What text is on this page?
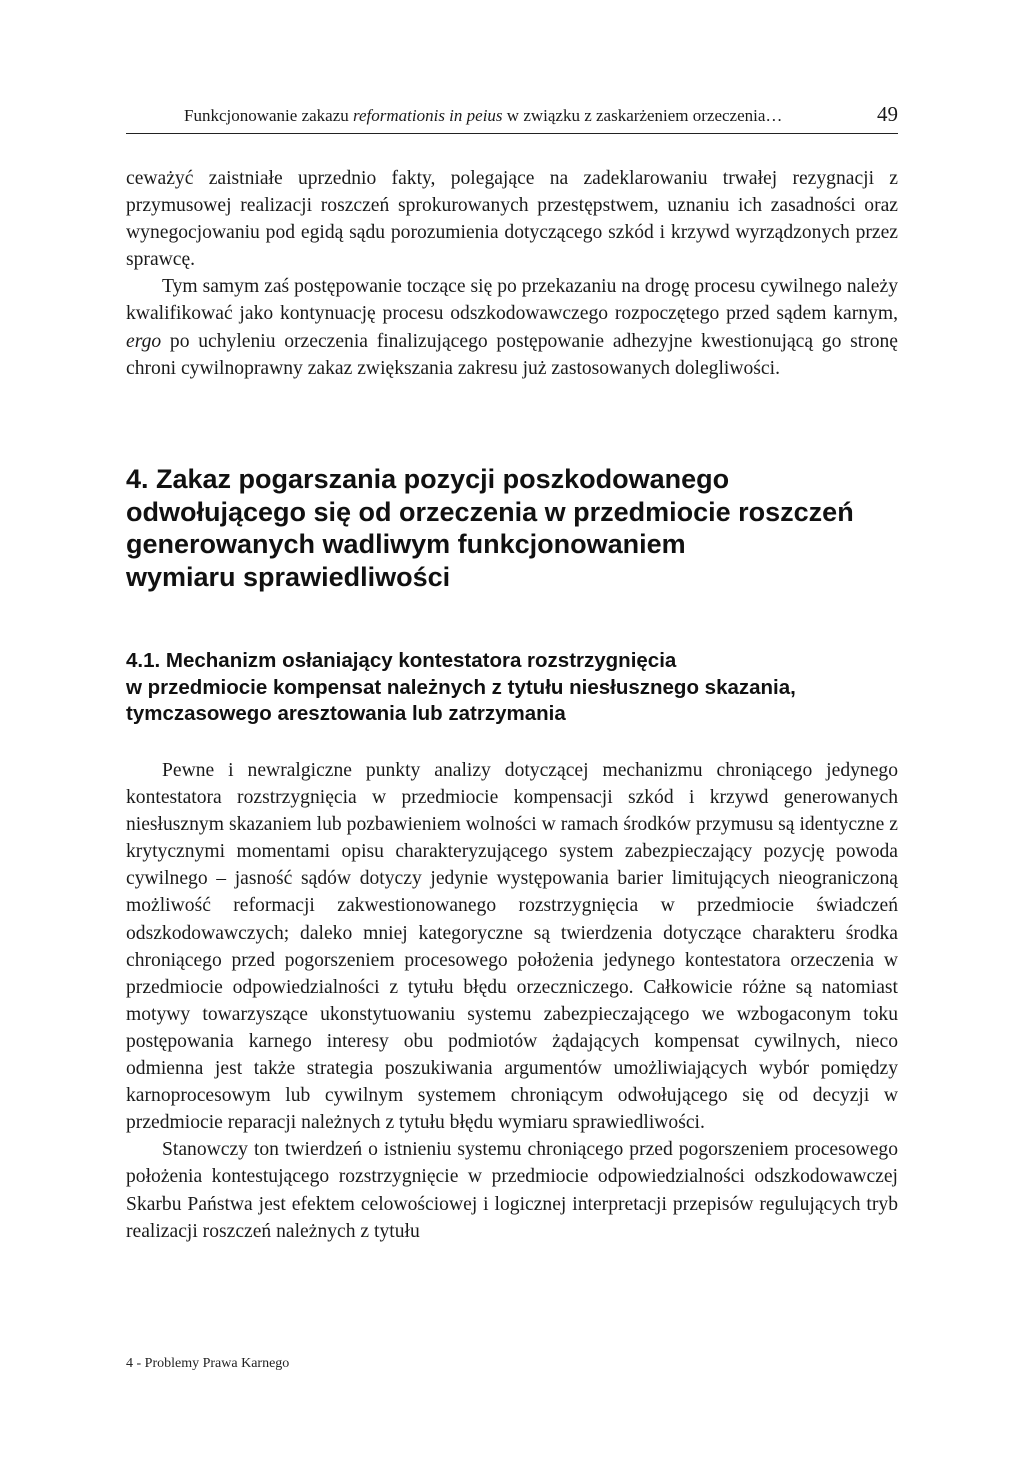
Funkcjonowanie zakazu reformationis in peius w związku z zaskarżeniem orzeczenia…	49

ceważyć zaistniałe uprzednio fakty, polegające na zadeklarowaniu trwałej rezygnacji z przymusowej realizacji roszczeń sprokurowanych przestępstwem, uznaniu ich zasadności oraz wynegocjowaniu pod egidą sądu porozumienia dotyczącego szkód i krzywd wyrządzonych przez sprawcę.

Tym samym zaś postępowanie toczące się po przekazaniu na drogę procesu cywilnego należy kwalifikować jako kontynuację procesu odszkodowawczego rozpoczętego przed sądem karnym, ergo po uchyleniu orzeczenia finalizującego postępowanie adhezyjne kwestionującą go stronę chroni cywilnoprawny zakaz zwiększania zakresu już zastosowanych dolegliwości.

4. Zakaz pogarszania pozycji poszkodowanego
odwołującego się od orzeczenia w przedmiocie roszczeń
generowanych wadliwym funkcjonowaniem
wymiaru sprawiedliwości
4.1. Mechanizm osłaniający kontestatora rozstrzygnięcia
w przedmiocie kompensat należnych z tytułu niesłusznego skazania,
tymczasowego aresztowania lub zatrzymania

Pewne i newralgiczne punkty analizy dotyczącej mechanizmu chroniącego jedynego kontestatora rozstrzygnięcia w przedmiocie kompensacji szkód i krzywd generowanych niesłusznym skazaniem lub pozbawieniem wolności w ramach środków przymusu są identyczne z krytycznymi momentami opisu charakteryzującego system zabezpieczający pozycję powoda cywilnego – jasność sądów dotyczy jedynie występowania barier limitujących nieograniczoną możliwość reformacji zakwestionowanego rozstrzygnięcia w przedmiocie świadczeń odszkodowawczych; daleko mniej kategoryczne są twierdzenia dotyczące charakteru środka chroniącego przed pogorszeniem procesowego położenia jedynego kontestatora orzeczenia w przedmiocie odpowiedzialności z tytułu błędu orzeczniczego. Całkowicie różne są natomiast motywy towarzyszące ukonstytuowaniu systemu zabezpieczającego we wzbogaconym toku postępowania karnego interesy obu podmiotów żądających kompensat cywilnych, nieco odmienna jest także strategia poszukiwania argumentów umożliwiających wybór pomiędzy karnoprocesowym lub cywilnym systemem chroniącym odwołującego się od decyzji w przedmiocie reparacji należnych z tytułu błędu wymiaru sprawiedliwości.

Stanowczy ton twierdzeń o istnieniu systemu chroniącego przed pogorszeniem procesowego położenia kontestującego rozstrzygnięcie w przedmiocie odpowiedzialności odszkodowawczej Skarbu Państwa jest efektem celowościowej i logicznej interpretacji przepisów regulujących tryb realizacji roszczeń należnych z tytułu

4 - Problemy Prawa Karnego
